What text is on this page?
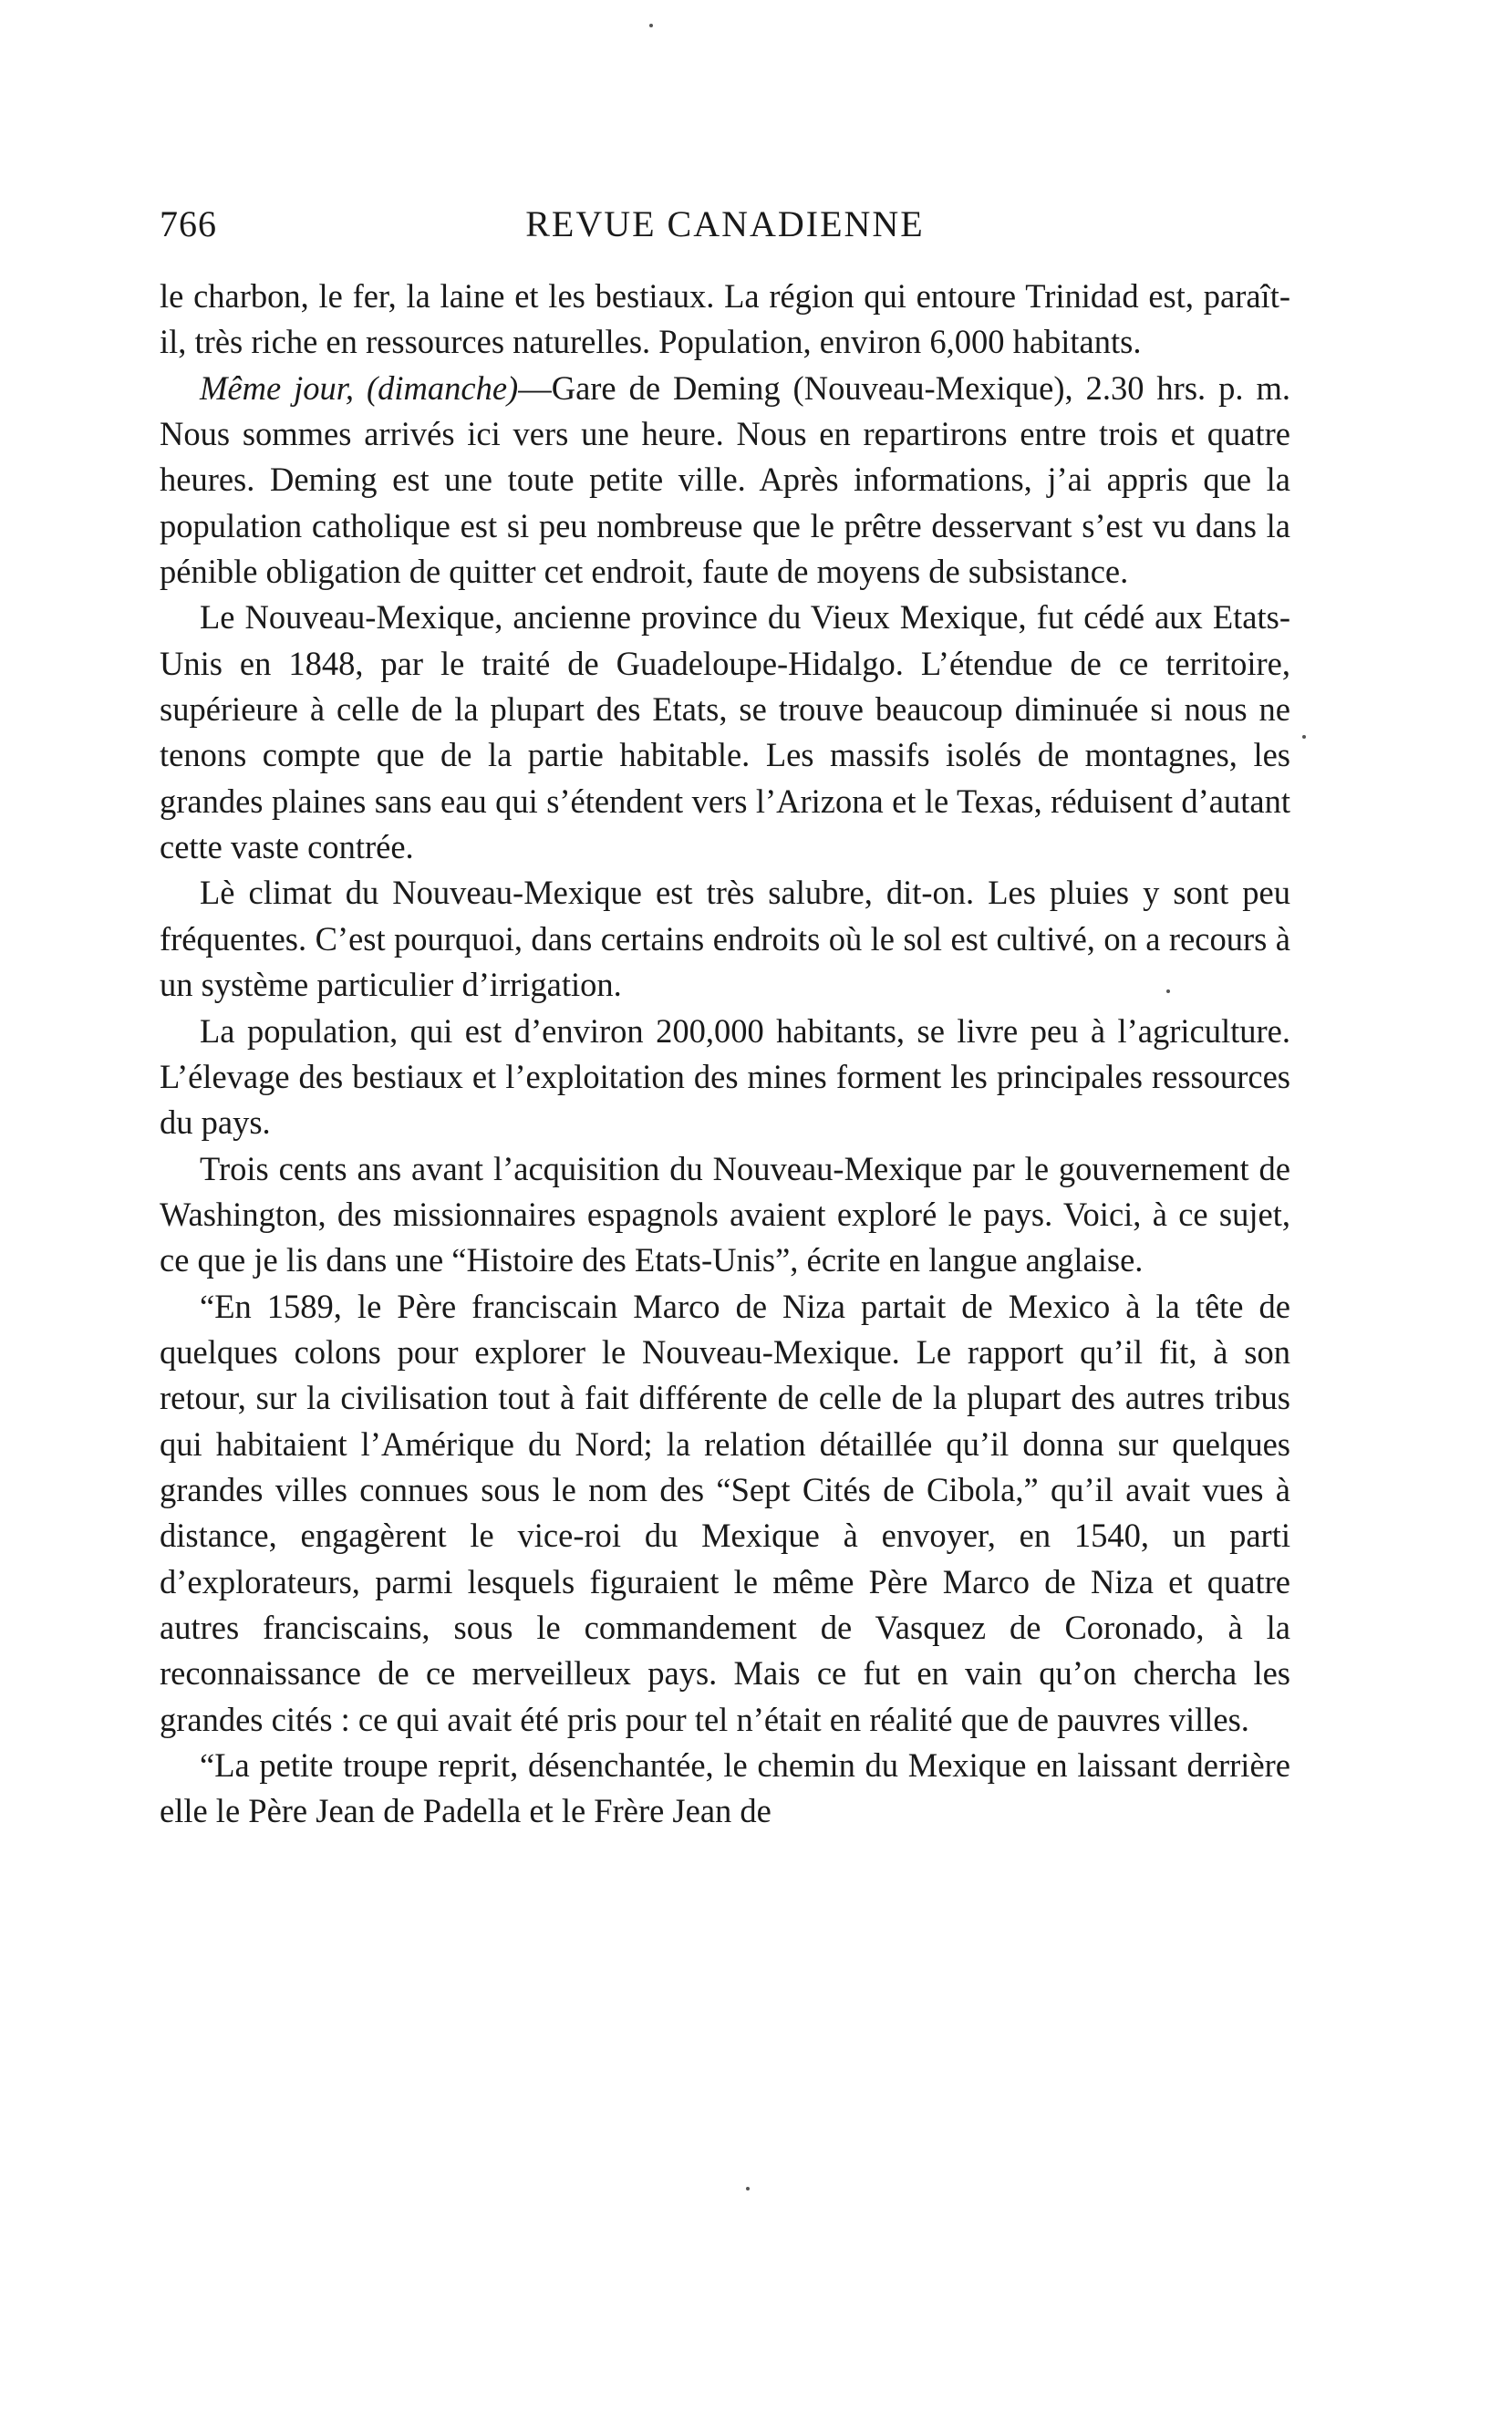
766	REVUE CANADIENNE

le charbon, le fer, la laine et les bestiaux. La région qui entoure Trinidad est, paraît-il, très riche en ressources naturelles. Population, environ 6,000 habitants.

Même jour, (dimanche)—Gare de Deming (Nouveau-Mexique), 2.30 hrs. p. m. Nous sommes arrivés ici vers une heure. Nous en repartirons entre trois et quatre heures. Deming est une toute petite ville. Après informations, j’ai appris que la population catholique est si peu nombreuse que le prêtre desservant s’est vu dans la pénible obligation de quitter cet endroit, faute de moyens de subsistance.

Le Nouveau-Mexique, ancienne province du Vieux Mexique, fut cédé aux Etats-Unis en 1848, par le traité de Guadeloupe-Hidalgo. L’étendue de ce territoire, supérieure à celle de la plupart des Etats, se trouve beaucoup diminuée si nous ne tenons compte que de la partie habitable. Les massifs isolés de montagnes, les grandes plaines sans eau qui s’étendent vers l’Arizona et le Texas, réduisent d’autant cette vaste contrée.

Lè climat du Nouveau-Mexique est très salubre, dit-on. Les pluies y sont peu fréquentes. C’est pourquoi, dans certains endroits où le sol est cultivé, on a recours à un système particulier d’irrigation.

La population, qui est d’environ 200,000 habitants, se livre peu à l’agriculture. L’élevage des bestiaux et l’exploitation des mines forment les principales ressources du pays.

Trois cents ans avant l’acquisition du Nouveau-Mexique par le gouvernement de Washington, des missionnaires espagnols avaient exploré le pays. Voici, à ce sujet, ce que je lis dans une “Histoire des Etats-Unis”, écrite en langue anglaise.

“En 1589, le Père franciscain Marco de Niza partait de Mexico à la tête de quelques colons pour explorer le Nouveau-Mexique. Le rapport qu’il fit, à son retour, sur la civilisation tout à fait différente de celle de la plupart des autres tribus qui habitaient l’Amérique du Nord; la relation détaillée qu’il donna sur quelques grandes villes connues sous le nom des “Sept Cités de Cibola,” qu’il avait vues à distance, engagèrent le vice-roi du Mexique à envoyer, en 1540, un parti d’explorateurs, parmi lesquels figuraient le même Père Marco de Niza et quatre autres franciscains, sous le commandement de Vasquez de Coronado, à la reconnaissance de ce merveilleux pays. Mais ce fut en vain qu’on chercha les grandes cités : ce qui avait été pris pour tel n’était en réalité que de pauvres villes.

“La petite troupe reprit, désenchantée, le chemin du Mexique en laissant derrière elle le Père Jean de Padella et le Frère Jean de
